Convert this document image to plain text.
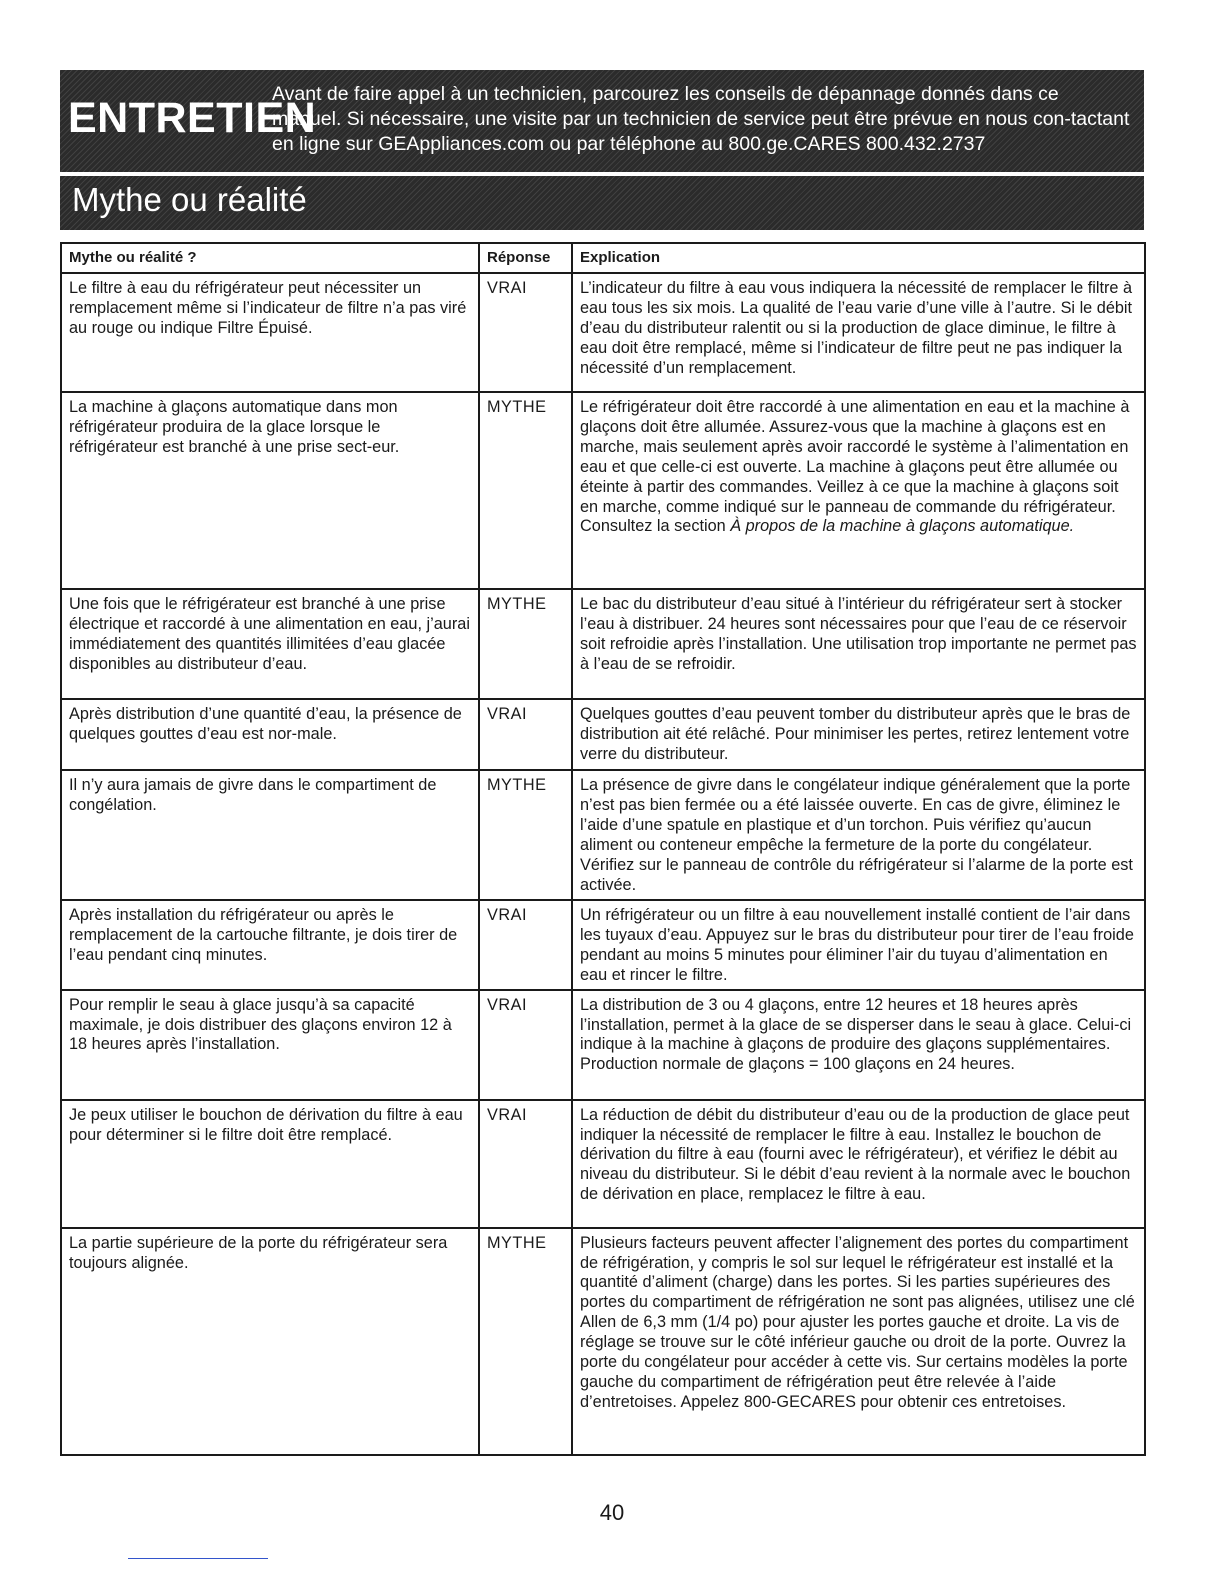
ENTRETIEN
Avant de faire appel à un technicien, parcourez les conseils de dépannage donnés dans ce manuel. Si nécessaire, une visite par un technicien de service peut être prévue en nous con-tactant en ligne sur GEAppliances.com ou par téléphone au 800.ge.CARES 800.432.2737
Mythe ou réalité
Mythe ou réalité ?	Réponse	Explication
Le filtre à eau du réfrigérateur peut nécessiter un remplacement même si l’indicateur de filtre n’a pas viré au rouge ou indique Filtre Épuisé.	VRAI	L’indicateur du filtre à eau vous indiquera la nécessité de remplacer le filtre à eau tous les six mois. La qualité de l’eau varie d’une ville à l’autre. Si le débit d’eau du distributeur ralentit ou si la production de glace diminue, le filtre à eau doit être remplacé, même si l’indicateur de filtre peut ne pas indiquer la nécessité d’un remplacement.
La machine à glaçons automatique dans mon réfrigérateur produira de la glace lorsque le réfrigérateur est branché à une prise sect-eur.	MYTHE	Le réfrigérateur doit être raccordé à une alimentation en eau et la machine à glaçons doit être allumée. Assurez-vous que la machine à glaçons est en marche, mais seulement après avoir raccordé le système à l’alimentation en eau et que celle-ci est ouverte. La machine à glaçons peut être allumée ou éteinte à partir des commandes. Veillez à ce que la machine à glaçons soit en marche, comme indiqué sur le panneau de commande du réfrigérateur. Consultez la section À propos de la machine à glaçons automatique.
Une fois que le réfrigérateur est branché à une prise électrique et raccordé à une alimentation en eau, j’aurai immédiatement des quantités illimitées d’eau glacée disponibles au distributeur d’eau.	MYTHE	Le bac du distributeur d’eau situé à l’intérieur du réfrigérateur sert à stocker l’eau à distribuer. 24 heures sont nécessaires pour que l’eau de ce réservoir soit refroidie après l’installation. Une utilisation trop importante ne permet pas à l’eau de se refroidir.
Après distribution d’une quantité d’eau, la présence de quelques gouttes d’eau est nor-male.	VRAI	Quelques gouttes d’eau peuvent tomber du distributeur après que le bras de distribution ait été relâché. Pour minimiser les pertes, retirez lentement votre verre du distributeur.
Il n’y aura jamais de givre dans le compartiment de congélation.	MYTHE	La présence de givre dans le congélateur indique généralement que la porte n’est pas bien fermée ou a été laissée ouverte. En cas de givre, éliminez le l’aide d’une spatule en plastique et d’un torchon. Puis vérifiez qu’aucun aliment ou conteneur empêche la fermeture de la porte du congélateur. Vérifiez sur le panneau de contrôle du réfrigérateur si l’alarme de la porte est activée.
Après installation du réfrigérateur ou après le remplacement de la cartouche filtrante, je dois tirer de l’eau pendant cinq minutes.	VRAI	Un réfrigérateur ou un filtre à eau nouvellement installé contient de l’air dans les tuyaux d’eau. Appuyez sur le bras du distributeur pour tirer de l’eau froide pendant au moins 5 minutes pour éliminer l’air du tuyau d’alimentation en eau et rincer le filtre.
Pour remplir le seau à glace jusqu’à sa capacité maximale, je dois distribuer des glaçons environ 12 à 18 heures après l’installation.	VRAI	La distribution de 3 ou 4 glaçons, entre 12 heures et 18 heures après l’installation, permet à la glace de se disperser dans le seau à glace. Celui-ci indique à la machine à glaçons de produire des glaçons supplémentaires. Production normale de glaçons = 100 glaçons en 24 heures.
Je peux utiliser le bouchon de dérivation du filtre à eau pour déterminer si le filtre doit être remplacé.	VRAI	La réduction de débit du distributeur d’eau ou de la production de glace peut indiquer la nécessité de remplacer le filtre à eau. Installez le bouchon de dérivation du filtre à eau (fourni avec le réfrigérateur), et vérifiez le débit au niveau du distributeur. Si le débit d’eau revient à la normale avec le bouchon de dérivation en place, remplacez le filtre à eau.
La partie supérieure de la porte du réfrigérateur sera toujours alignée.	MYTHE	Plusieurs facteurs peuvent affecter l’alignement des portes du compartiment de réfrigération, y compris le sol sur lequel le réfrigérateur est installé et la quantité d’aliment (charge) dans les portes. Si les parties supérieures des portes du compartiment de réfrigération ne sont pas alignées, utilisez une clé Allen de 6,3 mm (1/4 po) pour ajuster les portes gauche et droite. La vis de réglage se trouve sur le côté inférieur gauche ou droit de la porte. Ouvrez la porte du congélateur pour accéder à cette vis. Sur certains modèles la porte gauche du compartiment de réfrigération peut être relevée à l’aide d’entretoises. Appelez 800-GECARES pour obtenir ces entretoises.
40
